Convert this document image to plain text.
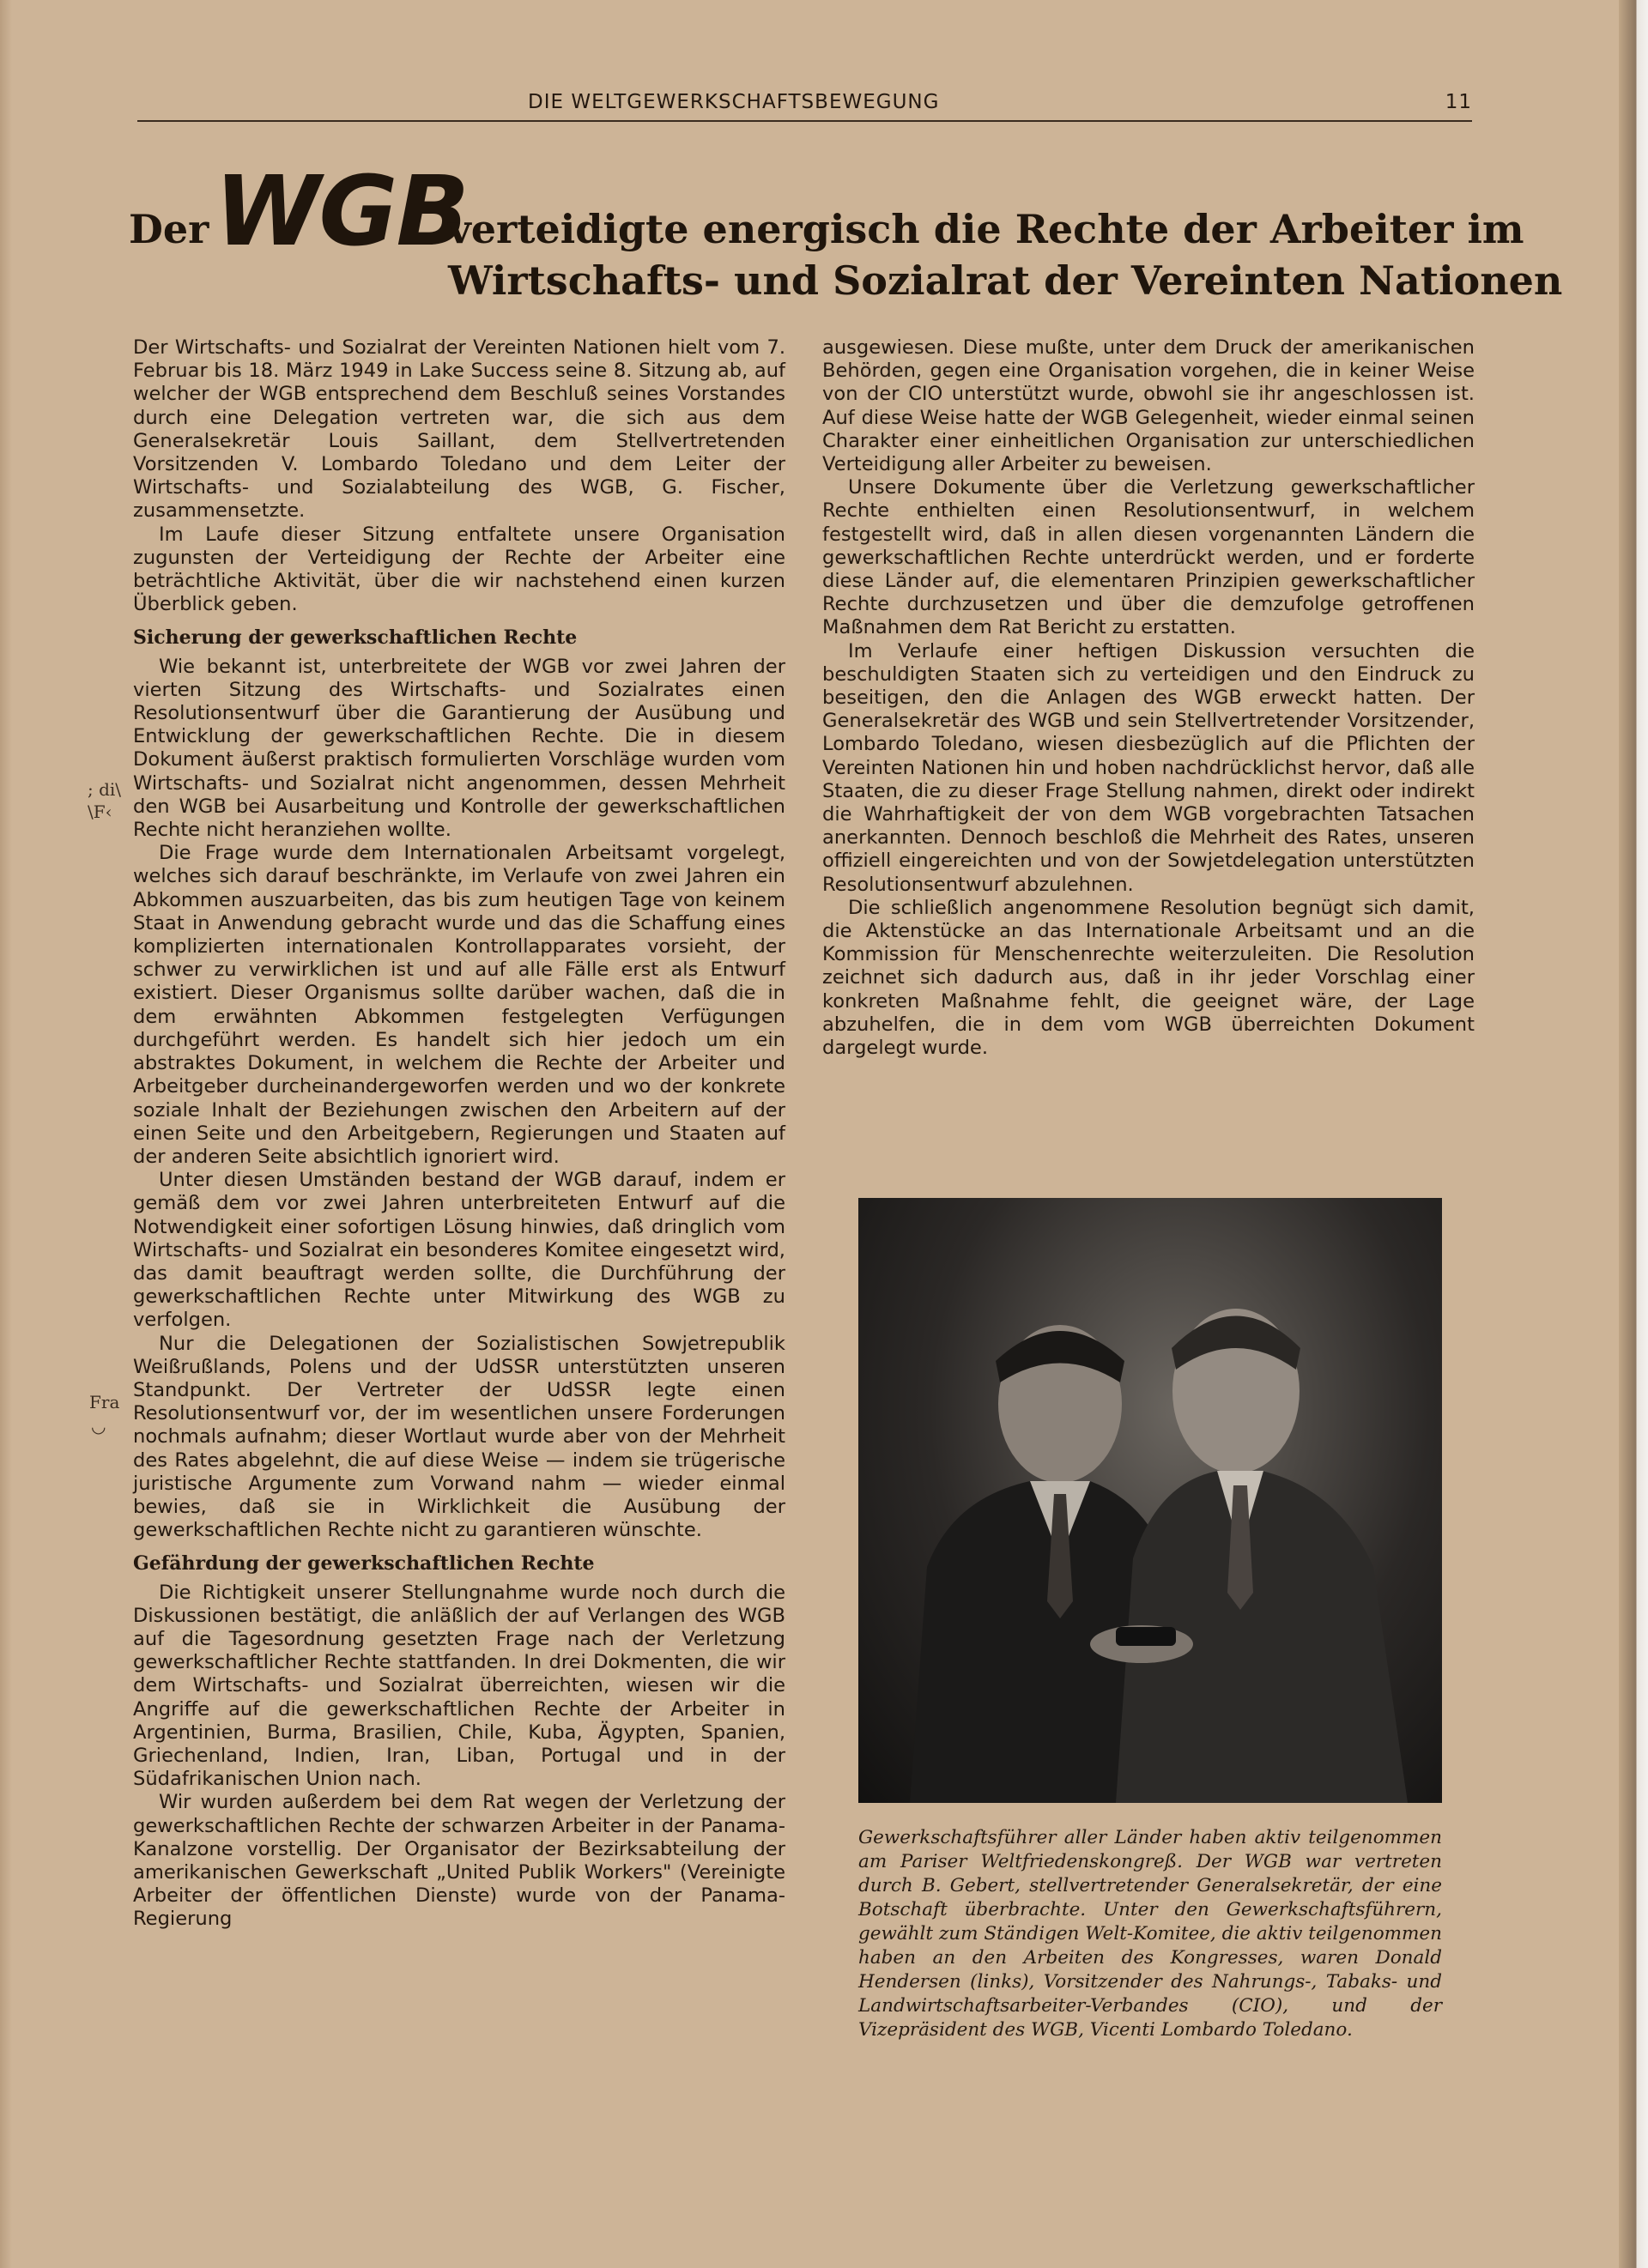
DIE WELTGEWERKSCHAFTSBEWEGUNG	11

Der WGB
verteidigte energisch die Rechte der Arbeiter im
Wirtschafts- und Sozialrat der Vereinten Nationen
; di\
\F‹
Fra
◡

Der Wirtschafts- und Sozialrat der Vereinten Nationen hielt vom 7. Februar bis 18. März 1949 in Lake Success seine 8. Sitzung ab, auf welcher der WGB entsprechend dem Beschluß seines Vorstandes durch eine Delegation vertreten war, die sich aus dem Generalsekretär Louis Saillant, dem Stellvertretenden Vorsitzenden V. Lombardo Toledano und dem Leiter der Wirtschafts- und Sozialabteilung des WGB, G. Fischer, zusammensetzte.

Im Laufe dieser Sitzung entfaltete unsere Organisation zugunsten der Verteidigung der Rechte der Arbeiter eine beträchtliche Aktivität, über die wir nachstehend einen kurzen Überblick geben.

Sicherung der gewerkschaftlichen Rechte

Wie bekannt ist, unterbreitete der WGB vor zwei Jahren der vierten Sitzung des Wirtschafts- und Sozialrates einen Resolutionsentwurf über die Garantierung der Ausübung und Entwicklung der gewerkschaftlichen Rechte. Die in diesem Dokument äußerst praktisch formulierten Vorschläge wurden vom Wirtschafts- und Sozialrat nicht angenommen, dessen Mehrheit den WGB bei Ausarbeitung und Kontrolle der gewerkschaftlichen Rechte nicht heranziehen wollte.

Die Frage wurde dem Internationalen Arbeitsamt vorgelegt, welches sich darauf beschränkte, im Verlaufe von zwei Jahren ein Abkommen auszuarbeiten, das bis zum heutigen Tage von keinem Staat in Anwendung gebracht wurde und das die Schaffung eines komplizierten internationalen Kontrollapparates vorsieht, der schwer zu verwirklichen ist und auf alle Fälle erst als Entwurf existiert. Dieser Organismus sollte darüber wachen, daß die in dem erwähnten Abkommen festgelegten Verfügungen durchgeführt werden. Es handelt sich hier jedoch um ein abstraktes Dokument, in welchem die Rechte der Arbeiter und Arbeitgeber durcheinandergeworfen werden und wo der konkrete soziale Inhalt der Beziehungen zwischen den Arbeitern auf der einen Seite und den Arbeitgebern, Regierungen und Staaten auf der anderen Seite absichtlich ignoriert wird.

Unter diesen Umständen bestand der WGB darauf, indem er gemäß dem vor zwei Jahren unterbreiteten Entwurf auf die Notwendigkeit einer sofortigen Lösung hinwies, daß dringlich vom Wirtschafts- und Sozialrat ein besonderes Komitee eingesetzt wird, das damit beauftragt werden sollte, die Durchführung der gewerkschaftlichen Rechte unter Mitwirkung des WGB zu verfolgen.

Nur die Delegationen der Sozialistischen Sowjetrepublik Weißrußlands, Polens und der UdSSR unterstützten unseren Standpunkt. Der Vertreter der UdSSR legte einen Resolutionsentwurf vor, der im wesentlichen unsere Forderungen nochmals aufnahm; dieser Wortlaut wurde aber von der Mehrheit des Rates abgelehnt, die auf diese Weise — indem sie trügerische juristische Argumente zum Vorwand nahm — wieder einmal bewies, daß sie in Wirklichkeit die Ausübung der gewerkschaftlichen Rechte nicht zu garantieren wünschte.

Gefährdung der gewerkschaftlichen Rechte

Die Richtigkeit unserer Stellungnahme wurde noch durch die Diskussionen bestätigt, die anläßlich der auf Verlangen des WGB auf die Tagesordnung gesetzten Frage nach der Verletzung gewerkschaftlicher Rechte stattfanden. In drei Dokmenten, die wir dem Wirtschafts- und Sozialrat überreichten, wiesen wir die Angriffe auf die gewerkschaftlichen Rechte der Arbeiter in Argentinien, Burma, Brasilien, Chile, Kuba, Ägypten, Spanien, Griechenland, Indien, Iran, Liban, Portugal und in der Südafrikanischen Union nach.

Wir wurden außerdem bei dem Rat wegen der Verletzung der gewerkschaftlichen Rechte der schwarzen Arbeiter in der Panama-Kanalzone vorstellig. Der Organisator der Bezirksabteilung der amerikanischen Gewerkschaft „United Publik Workers" (Vereinigte Arbeiter der öffentlichen Dienste) wurde von der Panama-Regierung

ausgewiesen. Diese mußte, unter dem Druck der amerikanischen Behörden, gegen eine Organisation vorgehen, die in keiner Weise von der CIO unterstützt wurde, obwohl sie ihr angeschlossen ist. Auf diese Weise hatte der WGB Gelegenheit, wieder einmal seinen Charakter einer einheitlichen Organisation zur unterschiedlichen Verteidigung aller Arbeiter zu beweisen.

Unsere Dokumente über die Verletzung gewerkschaftlicher Rechte enthielten einen Resolutionsentwurf, in welchem festgestellt wird, daß in allen diesen vorgenannten Ländern die gewerkschaftlichen Rechte unterdrückt werden, und er forderte diese Länder auf, die elementaren Prinzipien gewerkschaftlicher Rechte durchzusetzen und über die demzufolge getroffenen Maßnahmen dem Rat Bericht zu erstatten.

Im Verlaufe einer heftigen Diskussion versuchten die beschuldigten Staaten sich zu verteidigen und den Eindruck zu beseitigen, den die Anlagen des WGB erweckt hatten. Der Generalsekretär des WGB und sein Stellvertretender Vorsitzender, Lombardo Toledano, wiesen diesbezüglich auf die Pflichten der Vereinten Nationen hin und hoben nachdrücklichst hervor, daß alle Staaten, die zu dieser Frage Stellung nahmen, direkt oder indirekt die Wahrhaftigkeit der von dem WGB vorgebrachten Tatsachen anerkannten. Dennoch beschloß die Mehrheit des Rates, unseren offiziell eingereichten und von der Sowjetdelegation unterstützten Resolutionsentwurf abzulehnen.

Die schließlich angenommene Resolution begnügt sich damit, die Aktenstücke an das Internationale Arbeitsamt und an die Kommission für Menschenrechte weiterzuleiten. Die Resolution zeichnet sich dadurch aus, daß in ihr jeder Vorschlag einer konkreten Maßnahme fehlt, die geeignet wäre, der Lage abzuhelfen, die in dem vom WGB überreichten Dokument dargelegt wurde.

Gewerkschaftsführer aller Länder haben aktiv teilgenommen am Pariser Weltfriedenskongreß. Der WGB war vertreten durch B. Gebert, stellvertretender Generalsekretär, der eine Botschaft überbrachte. Unter den Gewerkschaftsführern, gewählt zum Ständigen Welt-Komitee, die aktiv teilgenommen haben an den Arbeiten des Kongresses, waren Donald Hendersen (links), Vorsitzender des Nahrungs-, Tabaks- und Landwirtschaftsarbeiter-Verbandes (CIO), und der Vizepräsident des WGB, Vicenti Lombardo Toledano.
